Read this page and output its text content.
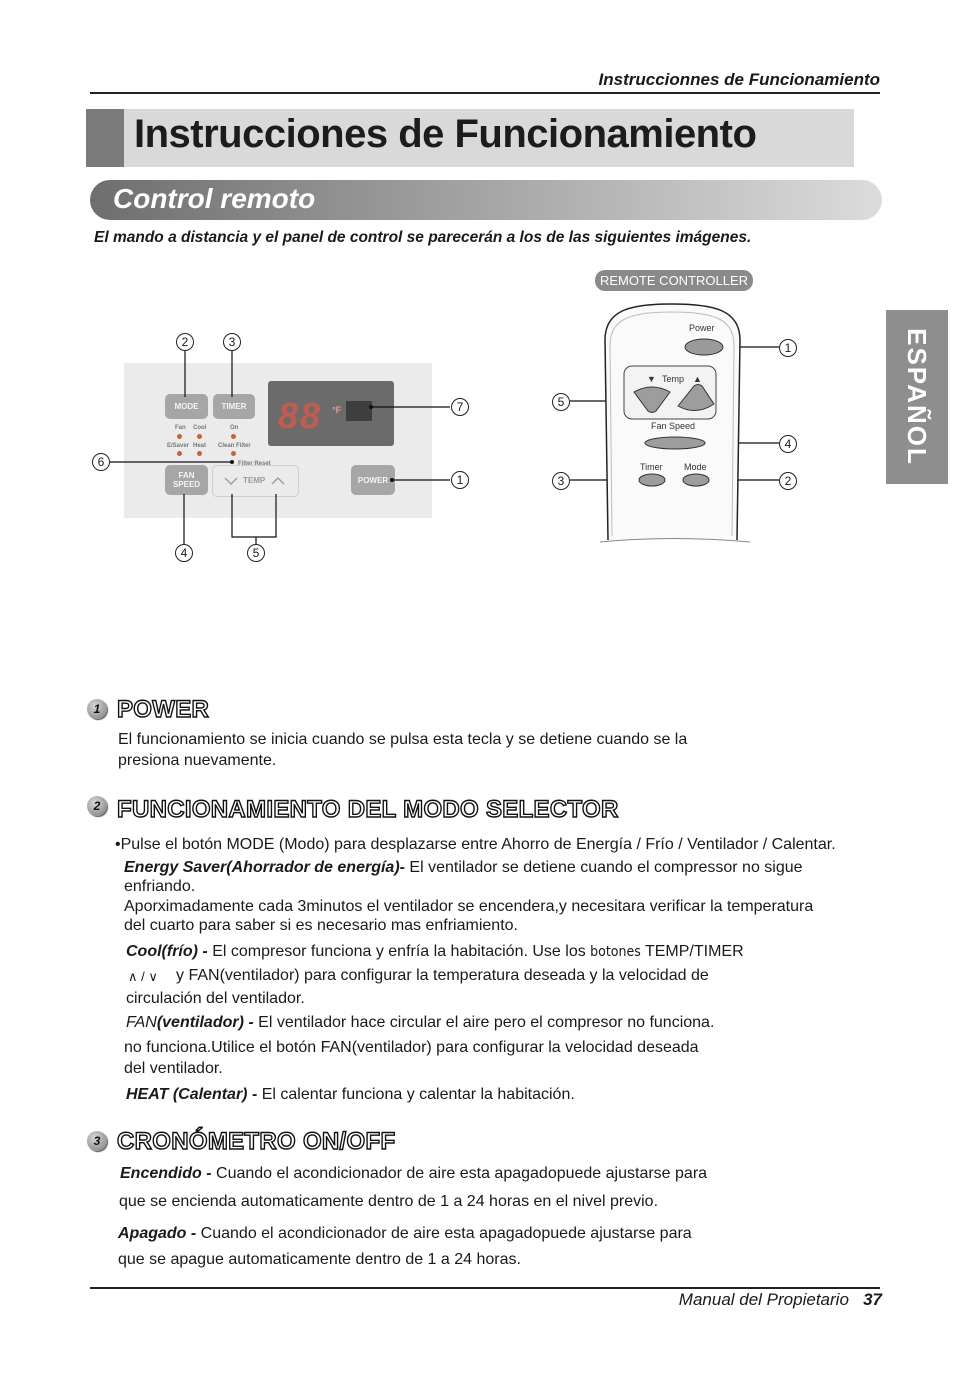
Instruccionnes de Funcionamiento
Instrucciones de Funcionamiento
Control remoto
El mando a distancia y el panel de control se parecerán a los de las siguientes imágenes.
ESPAÑOL
MODE	TIMER
Fan Cool	On
E/Saver Heat Clean Filter
FAN SPEED
Filter Reset
TEMP	POWER
88 °F
2	3
7
6
1
4	5
REMOTE CONTROLLER
Power
▼ Temp ▲
Fan Speed
Timer Mode
1
5
4
3	2
1 POWER
El funcionamiento se inicia cuando se pulsa esta tecla y se detiene cuando se la
presiona nuevamente.
2 FUNCIONAMIENTO DEL MODO SELECTOR
•Pulse el botón MODE (Modo) para desplazarse entre Ahorro de Energía / Frío / Ventilador / Calentar.
Energy Saver(Ahorrador de energía)- El ventilador se detiene cuando el compressor no sigue
enfriando.
Aporximadamente cada 3minutos el ventilador se encendera,y necesitara verificar la temperatura
del cuarto para saber si es necesario mas enfriamiento.
Cool(frío) - El compresor funciona y enfría la habitación. Use los botones TEMP/TIMER
∧ / ∨ y FAN(ventilador) para configurar la temperatura deseada y la velocidad de
circulación del ventilador.
FAN(ventilador) - El ventilador hace circular el aire pero el compresor no funciona.
no funciona.Utilice el botón FAN(ventilador) para configurar la velocidad deseada
del ventilador.
HEAT (Calentar) - El calentar funciona y calentar la habitación.
3 CRONÓMETRO ON/OFF
Encendido - Cuando el acondicionador de aire esta apagadopuede ajustarse para
que se encienda automaticamente dentro de 1 a 24 horas en el nivel previo.
Apagado - Cuando el acondicionador de aire esta apagadopuede ajustarse para
que se apague automaticamente dentro de 1 a 24 horas.
Manual del Propietario 37
